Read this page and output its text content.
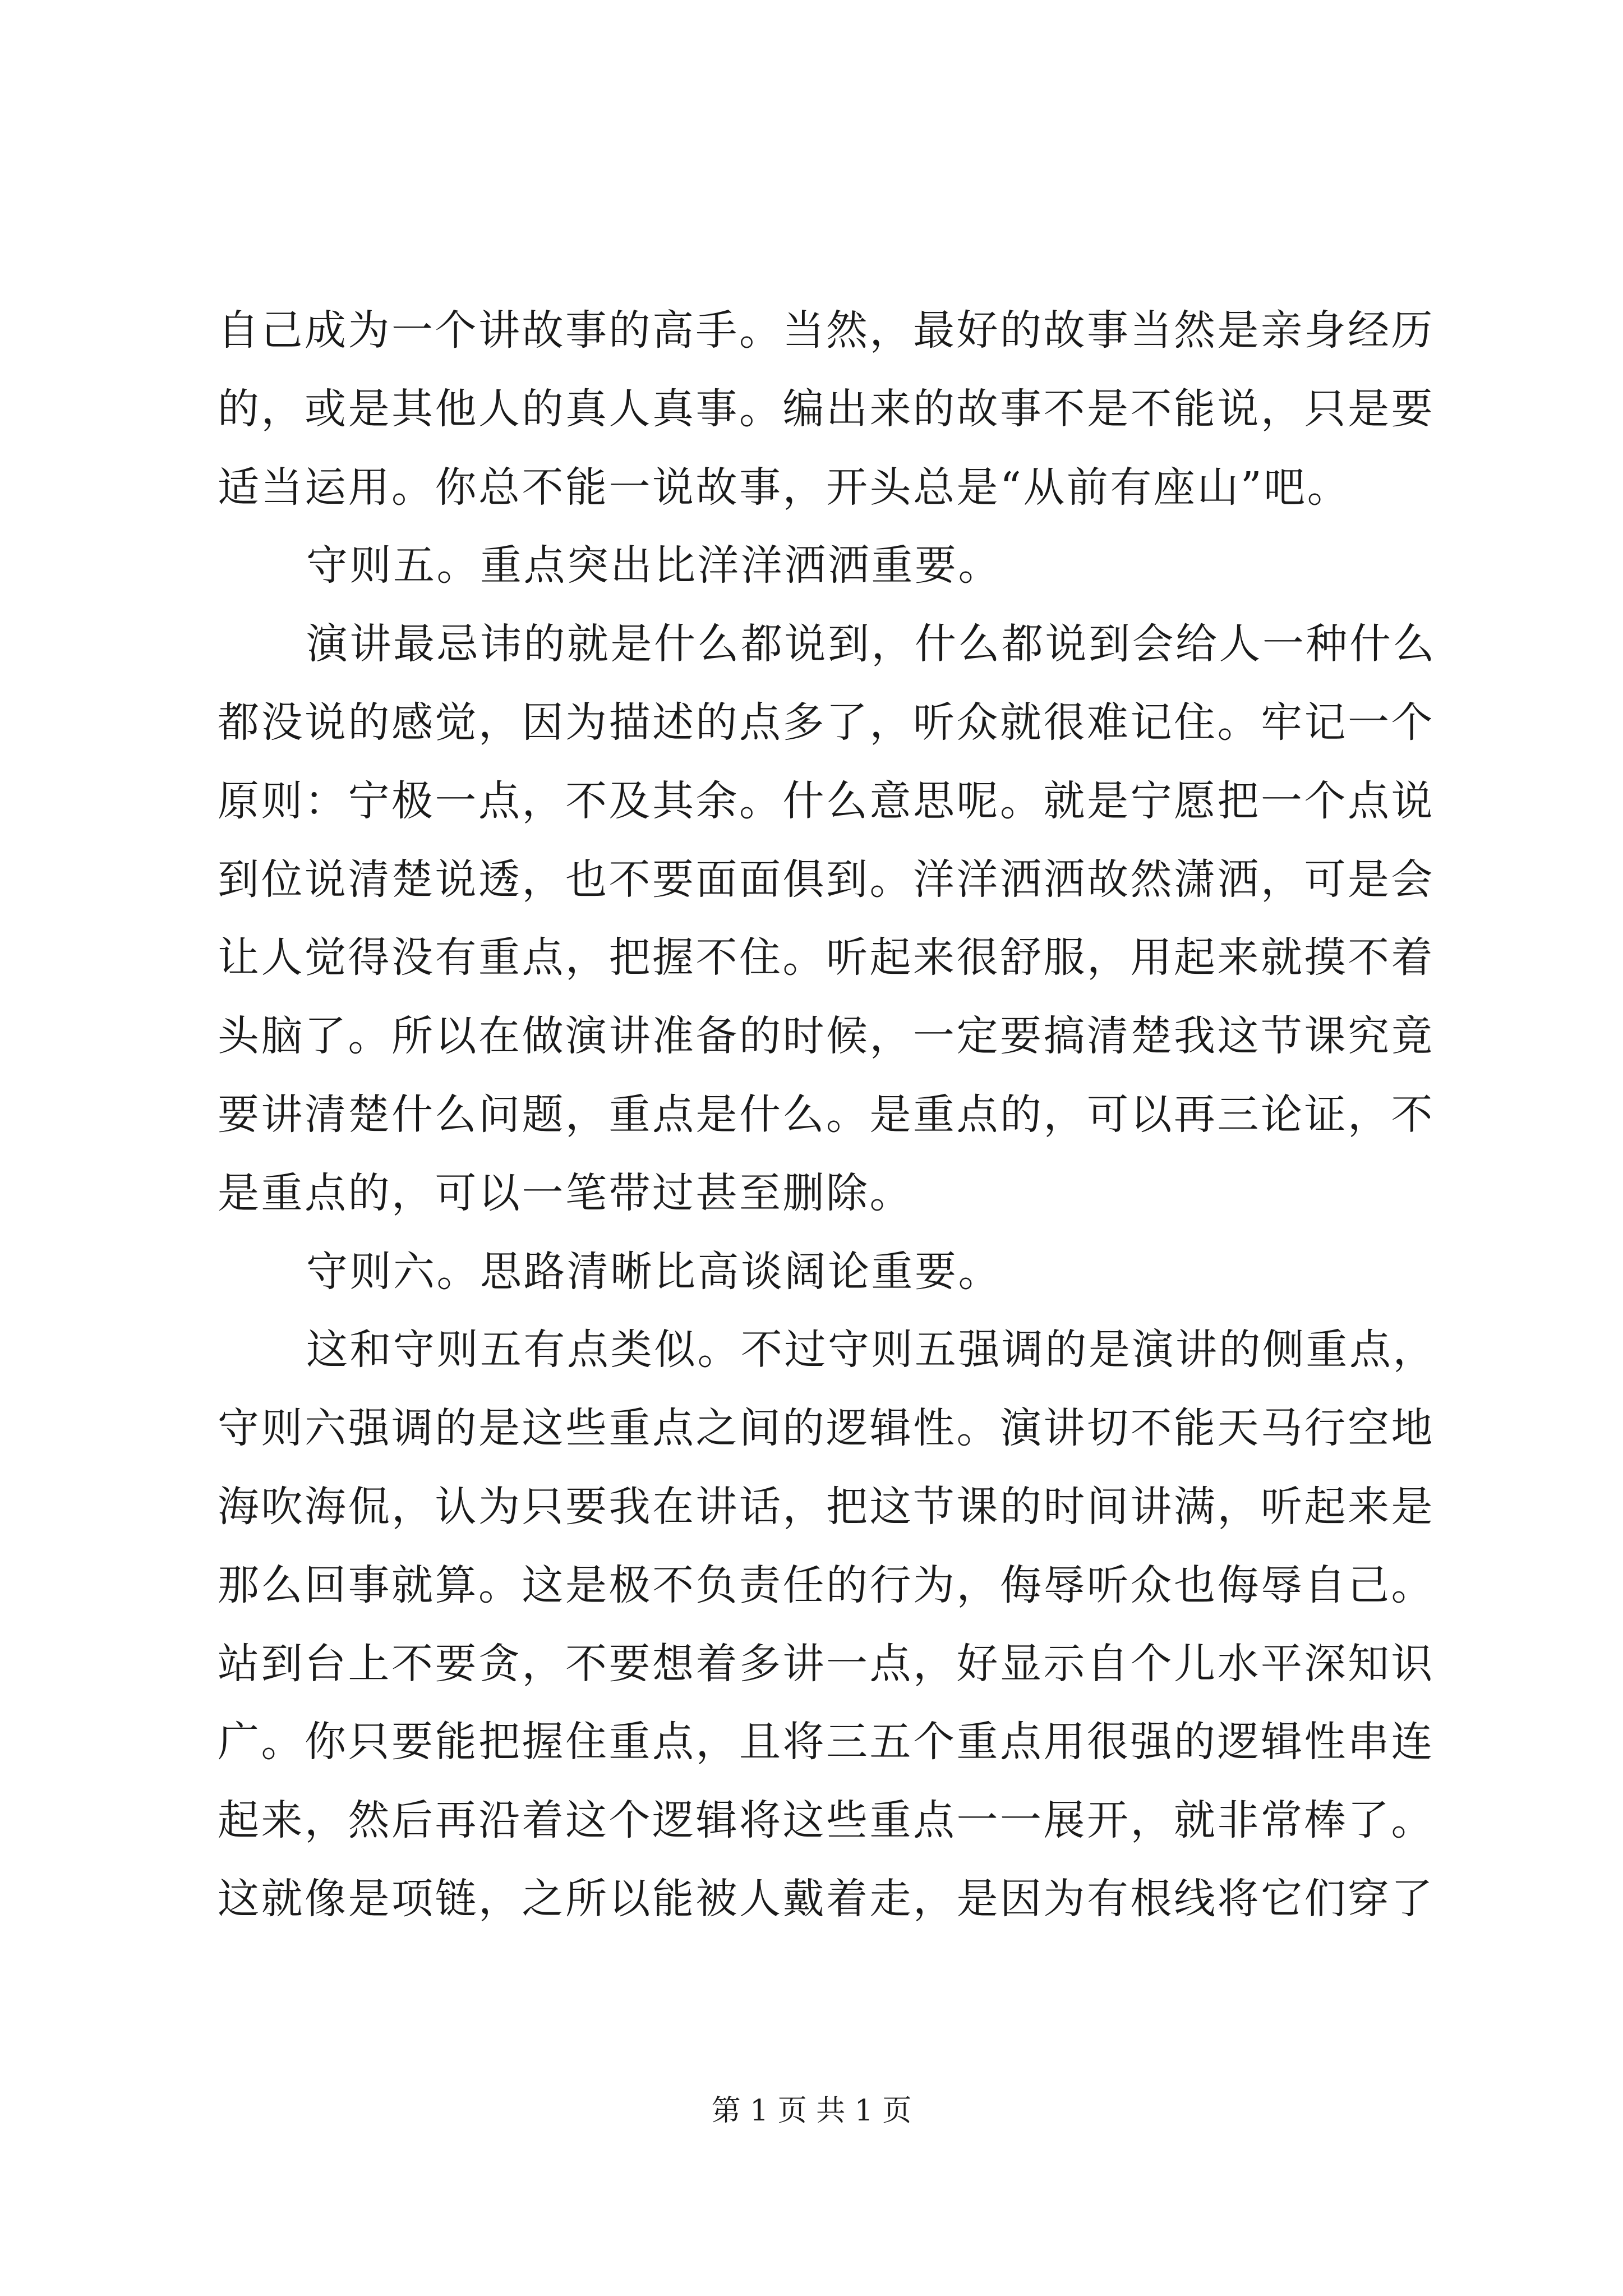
自己成为一个讲故事的高手。当然，最好的故事当然是亲身经历
的，或是其他人的真人真事。编出来的故事不是不能说，只是要
适当运用。你总不能一说故事，开头总是“从前有座山”吧。
守则五。重点突出比洋洋洒洒重要。
演讲最忌讳的就是什么都说到，什么都说到会给人一种什么
都没说的感觉，因为描述的点多了，听众就很难记住。牢记一个
原则：宁极一点，不及其余。什么意思呢。就是宁愿把一个点说
到位说清楚说透，也不要面面俱到。洋洋洒洒故然潇洒，可是会
让人觉得没有重点，把握不住。听起来很舒服，用起来就摸不着
头脑了。所以在做演讲准备的时候，一定要搞清楚我这节课究竟
要讲清楚什么问题，重点是什么。是重点的，可以再三论证，不
是重点的，可以一笔带过甚至删除。
守则六。思路清晰比高谈阔论重要。
这和守则五有点类似。不过守则五强调的是演讲的侧重点，
守则六强调的是这些重点之间的逻辑性。演讲切不能天马行空地
海吹海侃，认为只要我在讲话，把这节课的时间讲满，听起来是
那么回事就算。这是极不负责任的行为，侮辱听众也侮辱自己。
站到台上不要贪，不要想着多讲一点，好显示自个儿水平深知识
广。你只要能把握住重点，且将三五个重点用很强的逻辑性串连
起来，然后再沿着这个逻辑将这些重点一一展开，就非常棒了。
这就像是项链，之所以能被人戴着走，是因为有根线将它们穿了
第 1 页 共 1 页
